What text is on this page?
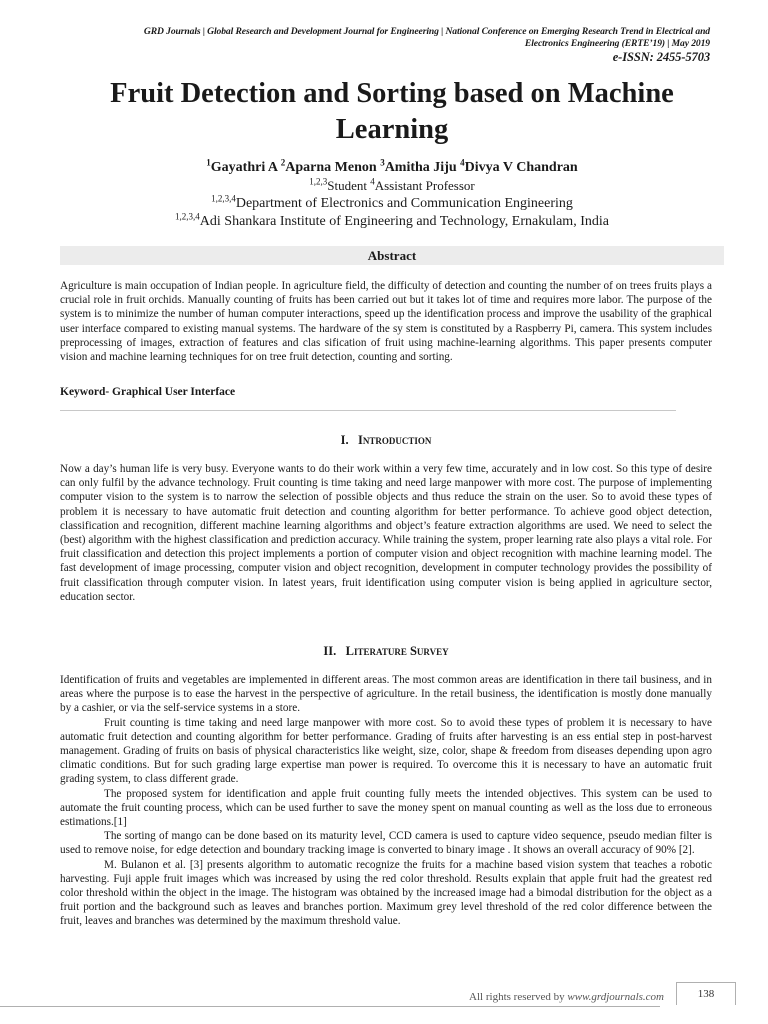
GRD Journals | Global Research and Development Journal for Engineering | National Conference on Emerging Research Trend in Electrical and
Electronics Engineering (ERTE’19) | May 2019
e-ISSN: 2455-5703
Fruit Detection and Sorting based on Machine
Learning
$^1$Gayathri A $^2$Aparna Menon $^3$Amitha Jiju $^4$Divya V Chandran
$^{1,2,3}$Student $^4$Assistant Professor
$^{1,2,3,4}$Department of Electronics and Communication Engineering
$^{1,2,3,4}$Adi Shankara Institute of Engineering and Technology, Ernakulam, India
Abstract
Agriculture is main occupation of Indian people. In agriculture field, the difficulty of detection and counting the number of on trees fruits plays a crucial role in fruit orchids. Manually counting of fruits has been carried out but it takes lot of time and requires more labor. The purpose of the system is to minimize the number of human computer interactions, speed up the identification process and improve the usability of the graphical user interface compared to existing manual systems. The hardware of the sy stem is constituted by a Raspberry Pi, camera. This system includes preprocessing of images, extraction of features and clas sification of fruit using machine-learning algorithms. This paper presents computer vision and machine learning techniques for on tree fruit detection, counting and sorting.
Keyword- Graphical User Interface
I. Introduction

Now a day’s human life is very busy. Everyone wants to do their work within a very few time, accurately and in low cost. So this type of desire can only fulfil by the advance technology. Fruit counting is time taking and need large manpower with more cost. The purpose of implementing computer vision to the system is to narrow the selection of possible objects and thus reduce the strain on the user. So to avoid these types of problem it is necessary to have automatic fruit detection and counting algorithm for better performance. To achieve good object detection, classification and recognition, different machine learning algorithms and object’s feature extraction algorithms are used. We need to select the (best) algorithm with the highest classification and prediction accuracy. While training the system, proper learning rate also plays a vital role. For fruit classification and detection this project implements a portion of computer vision and object recognition with machine learning model. The fast development of image processing, computer vision and object recognition, development in computer technology provides the possibility of fruit classification through computer vision. In latest years, fruit identification using computer vision is being applied in agriculture sector, education sector.

II. Literature Survey

Identification of fruits and vegetables are implemented in different areas. The most common areas are identification in there tail business, and in areas where the purpose is to ease the harvest in the perspective of agriculture. In the retail business, the identification is mostly done manually by a cashier, or via the self-service systems in a store.

Fruit counting is time taking and need large manpower with more cost. So to avoid these types of problem it is necessary to have automatic fruit detection and counting algorithm for better performance. Grading of fruits after harvesting is an ess ential step in post-harvest management. Grading of fruits on basis of physical characteristics like weight, size, color, shape & freedom from diseases depending upon agro climatic conditions. But for such grading large expertise man power is required. To overcome this it is necessary to have an automatic fruit grading system, to class different grade.

The proposed system for identification and apple fruit counting fully meets the intended objectives. This system can be used to automate the fruit counting process, which can be used further to save the money spent on manual counting as well as the loss due to erroneous estimations.[1]

The sorting of mango can be done based on its maturity level, CCD camera is used to capture video sequence, pseudo median filter is used to remove noise, for edge detection and boundary tracking image is converted to binary image . It shows an overall accuracy of 90% [2].

M. Bulanon et al. [3] presents algorithm to automatic recognize the fruits for a machine based vision system that teaches a robotic harvesting. Fuji apple fruit images which was increased by using the red color threshold. Results explain that apple fruit had the greatest red color threshold within the object in the image. The histogram was obtained by the increased image had a bimodal distribution for the object as a fruit portion and the background such as leaves and branches portion. Maximum grey level threshold of the red color difference between the fruit, leaves and branches was determined by the maximum threshold value.

All rights reserved by www.grdjournals.com	138
